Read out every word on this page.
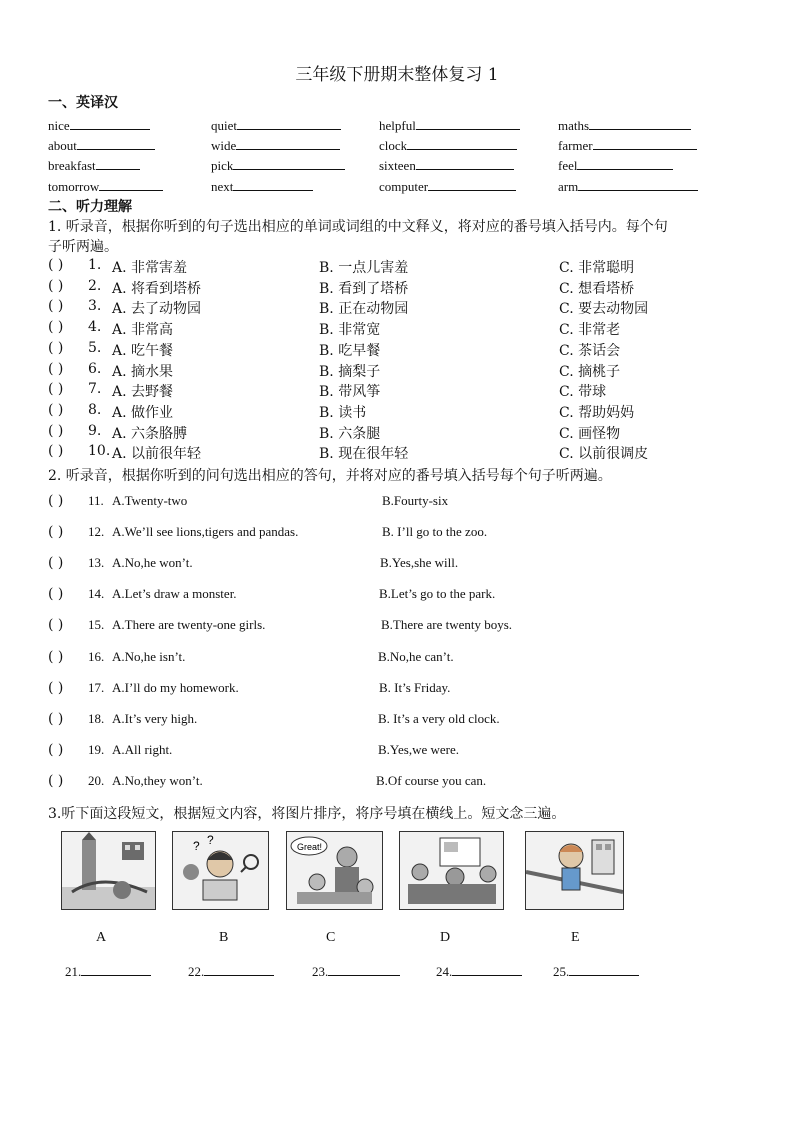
三年级下册期末整体复习 1
一、英译汉
nice	quiet	helpful	maths
about	wide	clock	farmer
breakfast	pick	sixteen	feel
tomorrow	next	computer	arm
二、听力理解
1. 听录音，根据你听到的句子选出相应的单词或词组的中文释义，将对应的番号填入括号内。每个句
子听两遍。
( ) 1. A. 非常害羞	B. 一点儿害羞	C. 非常聪明
( ) 2. A. 将看到塔桥	B. 看到了塔桥	C. 想看塔桥
( ) 3. A. 去了动物园	B. 正在动物园	C. 要去动物园
( ) 4. A. 非常高	B. 非常宽	C. 非常老
( ) 5. A. 吃午餐	B. 吃早餐	C. 茶话会
( ) 6. A. 摘水果	B. 摘梨子	C. 摘桃子
( ) 7. A. 去野餐	B. 带风筝	C. 带球
( ) 8. A. 做作业	B. 读书	C. 帮助妈妈
( ) 9. A. 六条胳膊	B. 六条腿	C. 画怪物
( ) 10. A. 以前很年轻	B. 现在很年轻	C. 以前很调皮
2. 听录音，根据你听到的问句选出相应的答句，并将对应的番号填入括号每个句子听两遍。
( ) 11. A.Twenty-two	B.Fourty-six
( ) 12. A.We’ll see lions,tigers and pandas.	B. I’ll go to the zoo.
( ) 13. A.No,he won’t.	B.Yes,she will.
( ) 14. A.Let’s draw a monster.	B.Let’s go to the park.
( ) 15. A.There are twenty-one girls.	B.There are twenty boys.
( ) 16. A.No,he isn’t.	B.No,he can’t.
( ) 17. A.I’ll do my homework.	B. It’s Friday.
( ) 18. A.It’s very high.	B. It’s a very old clock.
( ) 19. A.All right.	B.Yes,we were.
( ) 20. A.No,they won’t.	B.Of course you can.
3.听下面这段短文，根据短文内容，将图片排序，将序号填在横线上。短文念三遍。
? ?	Great!
A	B	C	D	E
21.	22.	23.	24.	25.
